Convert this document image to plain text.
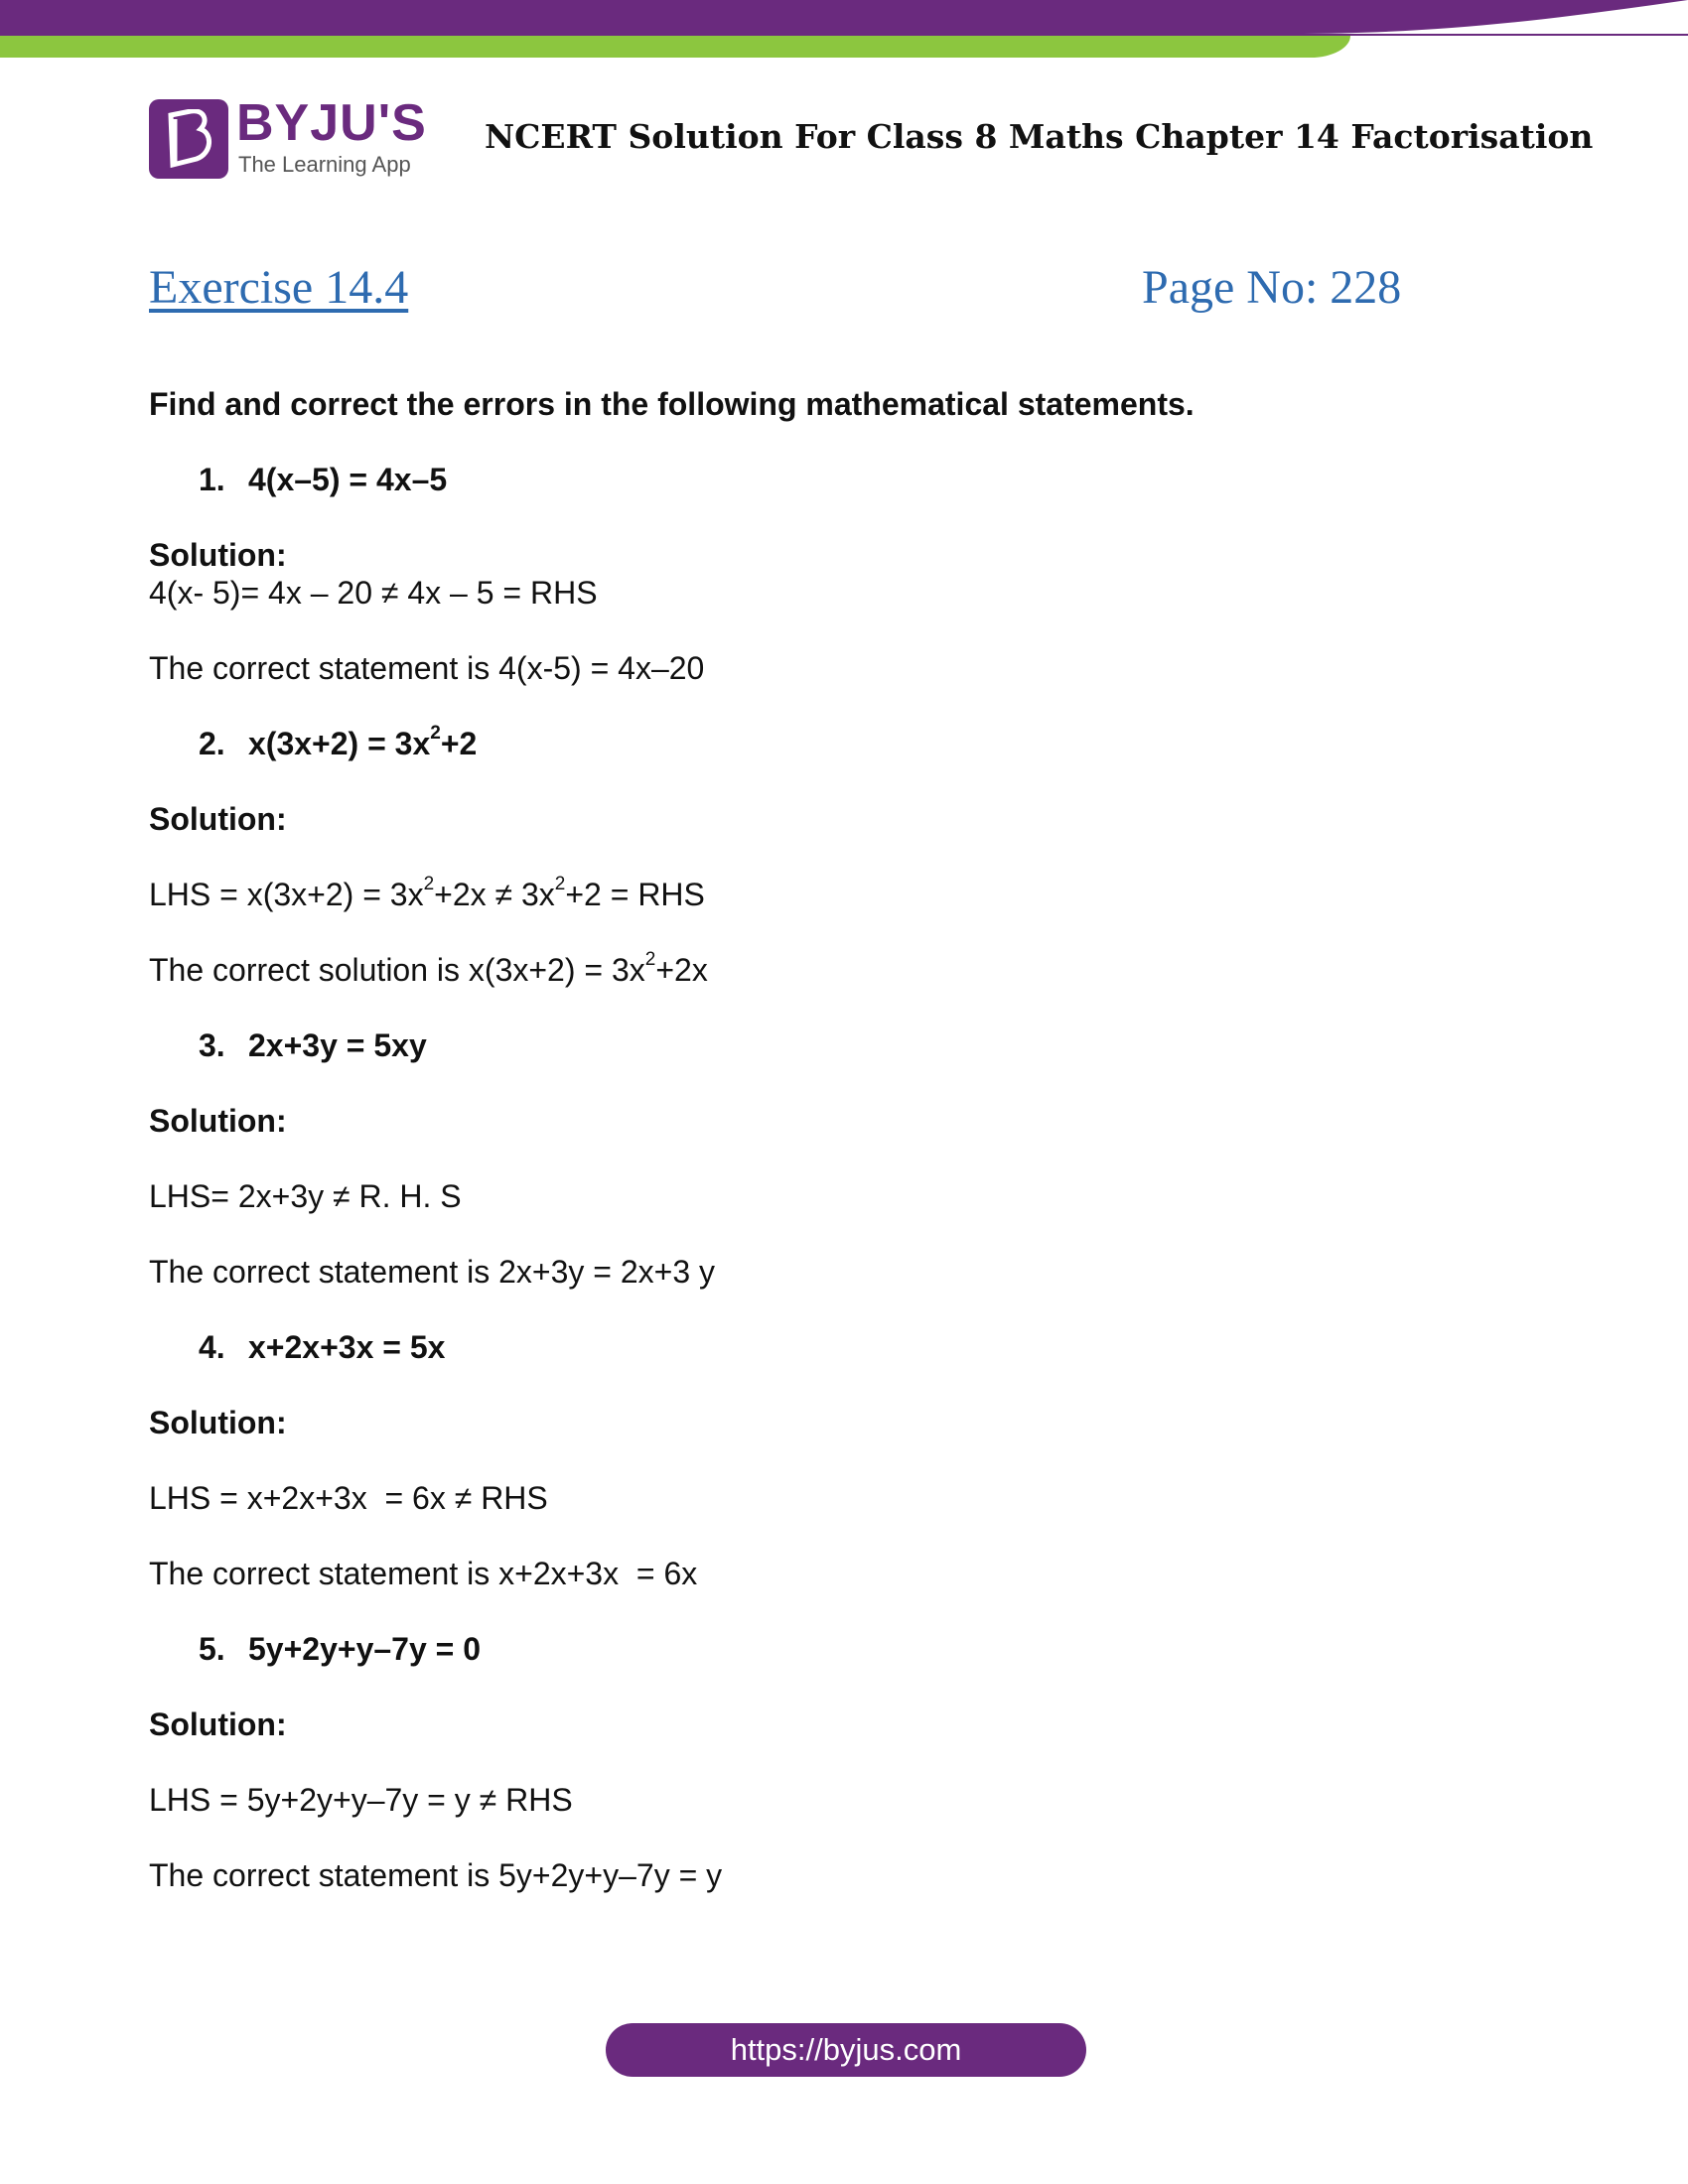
BYJU'S
The Learning App
NCERT Solution For Class 8 Maths Chapter 14 Factorisation
Exercise 14.4	Page No: 228

Find and correct the errors in the following mathematical statements.

1. 4(x–5) = 4x–5

Solution:

4(x- 5)= 4x – 20 ≠ 4x – 5 = RHS

The correct statement is 4(x-5) = 4x–20

2. $x(3x+2) = 3x^2+2$

Solution:

LHS = $x(3x+2) = 3x^2+2x \ne 3x^2+2$ = RHS

The correct solution is $x(3x+2) = 3x^2+2x$

3. 2x+3y = 5xy

Solution:

LHS= 2x+3y ≠ R. H. S

The correct statement is 2x+3y = 2x+3 y

4. x+2x+3x = 5x

Solution:

LHS = x+2x+3x  = 6x ≠ RHS

The correct statement is x+2x+3x  = 6x

5. 5y+2y+y–7y = 0

Solution:

LHS = 5y+2y+y–7y = y ≠ RHS

The correct statement is 5y+2y+y–7y = y

https://byjus.com
